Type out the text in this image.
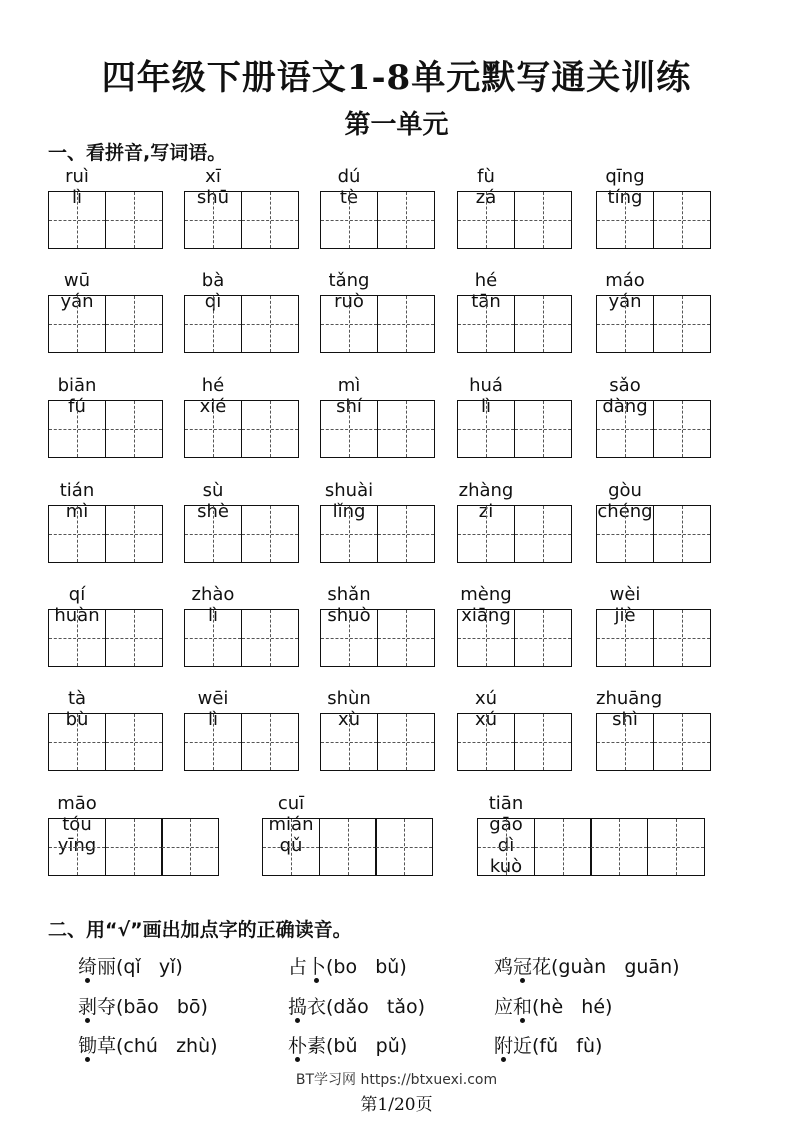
四年级下册语文1-8单元默写通关训练
第一单元
一、看拼音,写词语。
ruìlì
xīshū
dútè
fùzá
qīngtíng
wūyán
bàqì
tǎngruò
hétān
máoyán
biānfú
héxié
mìshí
huálì
sǎodàng
tiánmì
sùshè
shuàilǐng
zhàngzi
gòuchéng
qíhuàn
zhàolì
shǎnshuò
mèngxiāng
wèijiè
tàbù
wēilì
shùnxù
xúxú
zhuāngshì
māotóuyīng
cuīmiánqǔ
tiāngāodìkuò
二、用“√”画出加点字的正确读音。
绮丽(qǐ   yǐ)	占卜(bo   bǔ)	鸡冠花(guàn   guān)
剥夺(bāo   bō)	捣衣(dǎo   tǎo)	应和(hè   hé)
锄草(chú   zhù)	朴素(bǔ   pǔ)	附近(fǔ   fù)
BT学习网 https://btxuexi.com
第1/20页
